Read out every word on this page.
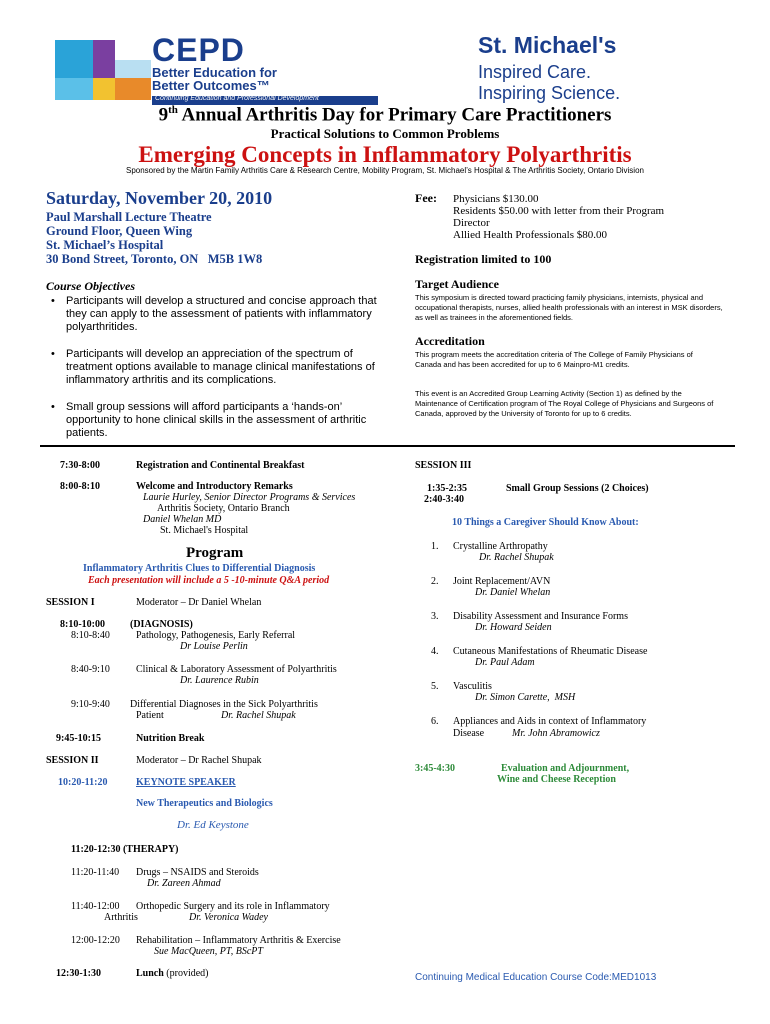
CEPD
Better Education for
Better Outcomes™
Continuing Education and Professional Development
St. Michael's
Inspired Care.
Inspiring Science.
9th Annual Arthritis Day for Primary Care Practitioners
Practical Solutions to Common Problems
Emerging Concepts in Inflammatory Polyarthritis
Sponsored by the Martin Family Arthritis Care & Research Centre, Mobility Program, St. Michael’s Hospital & The Arthritis Society, Ontario Division
Saturday, November 20, 2010
Paul Marshall Lecture Theatre
Ground Floor, Queen Wing
St. Michael’s Hospital
30 Bond Street, Toronto, ON   M5B 1W8
Fee: Physicians $130.00
Residents $50.00 with letter from their Program
Director
Allied Health Professionals $80.00
Registration limited to 100
Course Objectives
• Participants will develop a structured and concise approach that they can apply to the assessment of patients with inflammatory polyarthritides.
• Participants will develop an appreciation of the spectrum of treatment options available to manage clinical manifestations of inflammatory arthritis and its complications.
• Small group sessions will afford participants a ‘hands-on’ opportunity to hone clinical skills in the assessment of arthritic patients.
Target Audience
This symposium is directed toward practicing family physicians, internists, physical and occupational therapists, nurses, allied health professionals with an interest in MSK disorders, as well as trainees in the aforementioned fields.
Accreditation
This program meets the accreditation criteria of The College of Family Physicians of Canada and has been accredited for up to 6 Mainpro-M1 credits.
This event is an Accredited Group Learning Activity (Section 1) as defined by the Maintenance of Certification program of The Royal College of Physicians and Surgeons of Canada, approved by the University of Toronto for up to 6 credits.
7:30-8:00	Registration and Continental Breakfast
8:00-8:10	Welcome and Introductory Remarks
Laurie Hurley, Senior Director Programs & Services
Arthritis Society, Ontario Branch
Daniel Whelan MD
St. Michael's Hospital
Program
Inflammatory Arthritis Clues to Differential Diagnosis
Each presentation will include a 5 -10-minute Q&A period
SESSION I	Moderator – Dr Daniel Whelan
8:10-10:00	(DIAGNOSIS)
8:10-8:40	Pathology, Pathogenesis, Early Referral
Dr Louise Perlin
8:40-9:10	Clinical & Laboratory Assessment of Polyarthritis
Dr. Laurence Rubin
9:10-9:40 Differential Diagnoses in the Sick Polyarthritis
Patient	Dr. Rachel Shupak
9:45-10:15	Nutrition Break
SESSION II	Moderator – Dr Rachel Shupak
10:20-11:20	KEYNOTE SPEAKER
New Therapeutics and Biologics
Dr. Ed Keystone
11:20-12:30 (THERAPY)
11:20-11:40 Drugs – NSAIDS and Steroids
Dr. Zareen Ahmad
11:40-12:00 Orthopedic Surgery and its role in Inflammatory
Arthritis	Dr. Veronica Wadey
12:00-12:20 Rehabilitation – Inflammatory Arthritis & Exercise
Sue MacQueen, PT, BScPT
12:30-1:30	Lunch (provided)
SESSION III
1:35-2:35
2:40-3:40
Small Group Sessions (2 Choices)
10 Things a Caregiver Should Know About:
1. Crystalline Arthropathy
Dr. Rachel Shupak
2. Joint Replacement/AVN
Dr. Daniel Whelan
3. Disability Assessment and Insurance Forms
Dr. Howard Seiden
4. Cutaneous Manifestations of Rheumatic Disease
Dr. Paul Adam
5. Vasculitis
Dr. Simon Carette,  MSH
6. Appliances and Aids in context of Inflammatory
Disease	Mr. John Abramowicz
3:45-4:30	Evaluation and Adjournment,
Wine and Cheese Reception
Continuing Medical Education Course Code:MED1013
